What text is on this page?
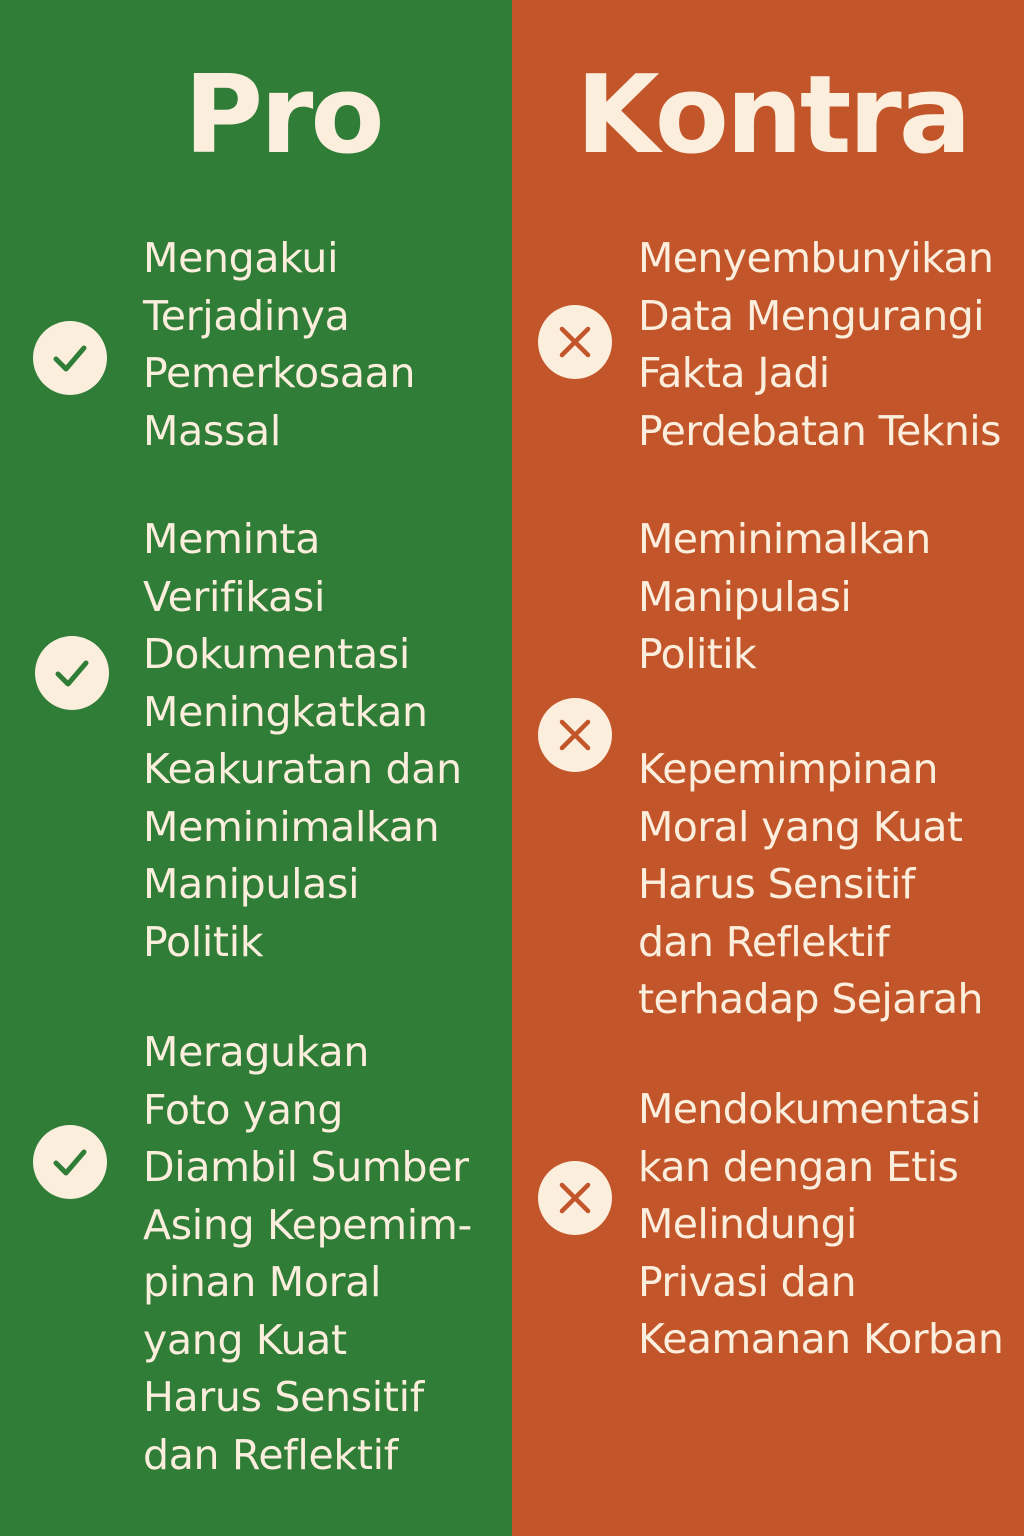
Pro

Mengakui
Terjadinya
Pemerkosaan
Massal

Meminta
Verifikasi
Dokumentasi
Meningkatkan
Keakuratan dan
Meminimalkan
Manipulasi
Politik

Meragukan
Foto yang
Diambil Sumber
Asing Kepemim-
pinan Moral
yang Kuat
Harus Sensitif
dan Reflektif

Kontra

Menyembunyikan
Data Mengurangi
Fakta Jadi
Perdebatan Teknis

Meminimalkan
Manipulasi
Politik

Kepemimpinan
Moral yang Kuat
Harus Sensitif
dan Reflektif
terhadap Sejarah

Mendokumentasi
kan dengan Etis
Melindungi
Privasi dan
Keamanan Korban
